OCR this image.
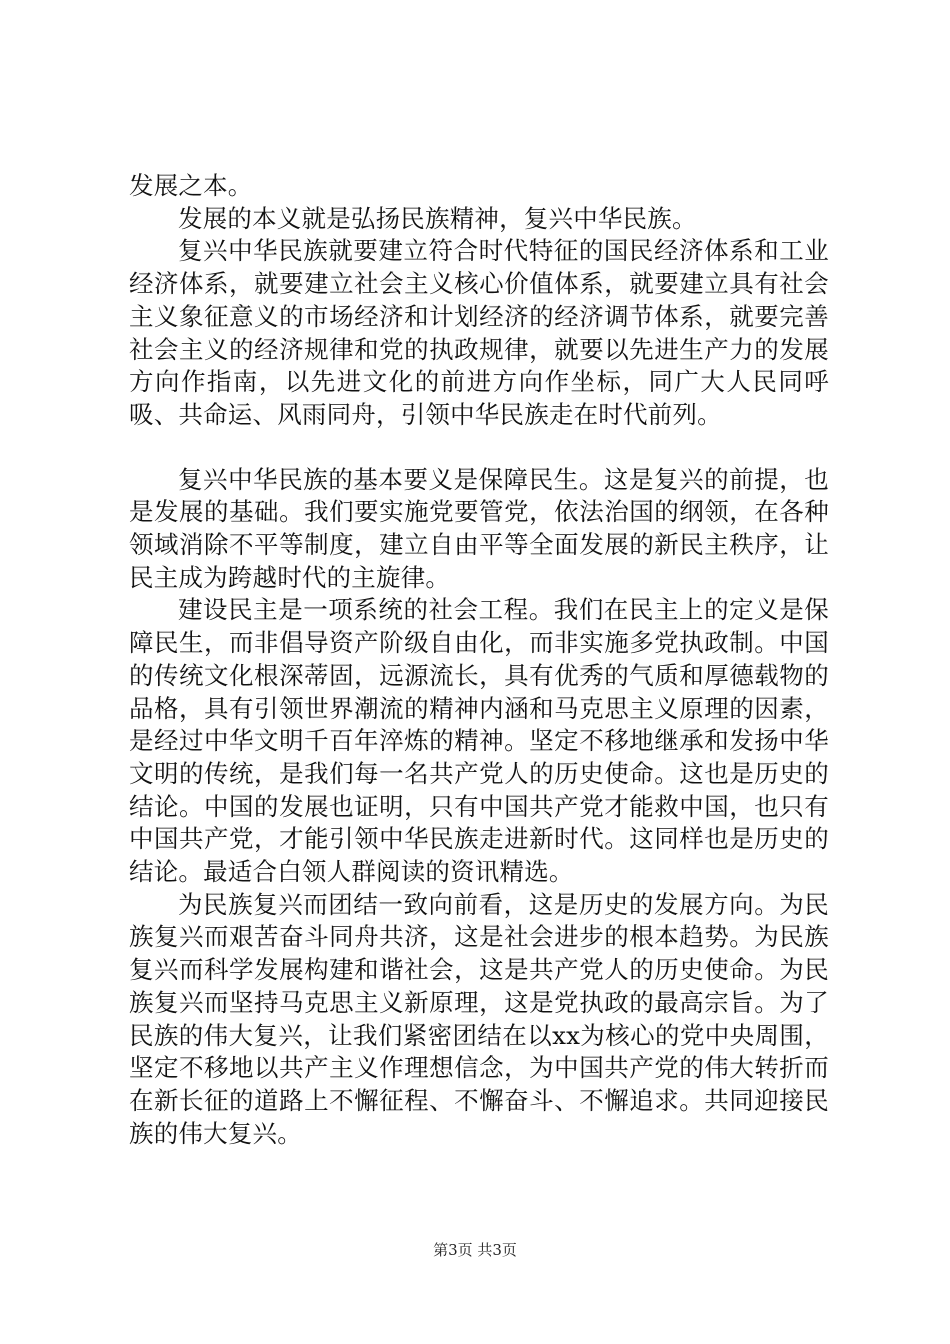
发展之本。

发展的本义就是弘扬民族精神，复兴中华民族。

复兴中华民族就要建立符合时代特征的国民经济体系和工业经济体系，就要建立社会主义核心价值体系，就要建立具有社会主义象征意义的市场经济和计划经济的经济调节体系，就要完善社会主义的经济规律和党的执政规律，就要以先进生产力的发展方向作指南，以先进文化的前进方向作坐标，同广大人民同呼吸、共命运、风雨同舟，引领中华民族走在时代前列。

复兴中华民族的基本要义是保障民生。这是复兴的前提，也是发展的基础。我们要实施党要管党，依法治国的纲领，在各种领域消除不平等制度，建立自由平等全面发展的新民主秩序，让民主成为跨越时代的主旋律。

建设民主是一项系统的社会工程。我们在民主上的定义是保障民生，而非倡导资产阶级自由化，而非实施多党执政制。中国的传统文化根深蒂固，远源流长，具有优秀的气质和厚德载物的品格，具有引领世界潮流的精神内涵和马克思主义原理的因素，是经过中华文明千百年淬炼的精神。坚定不移地继承和发扬中华文明的传统，是我们每一名共产党人的历史使命。这也是历史的结论。中国的发展也证明，只有中国共产党才能救中国，也只有中国共产党，才能引领中华民族走进新时代。这同样也是历史的结论。最适合白领人群阅读的资讯精选。

为民族复兴而团结一致向前看，这是历史的发展方向。为民族复兴而艰苦奋斗同舟共济，这是社会进步的根本趋势。为民族复兴而科学发展构建和谐社会，这是共产党人的历史使命。为民族复兴而坚持马克思主义新原理，这是党执政的最高宗旨。为了民族的伟大复兴，让我们紧密团结在以xx为核心的党中央周围，坚定不移地以共产主义作理想信念，为中国共产党的伟大转折而在新长征的道路上不懈征程、不懈奋斗、不懈追求。共同迎接民族的伟大复兴。

第3页 共3页
